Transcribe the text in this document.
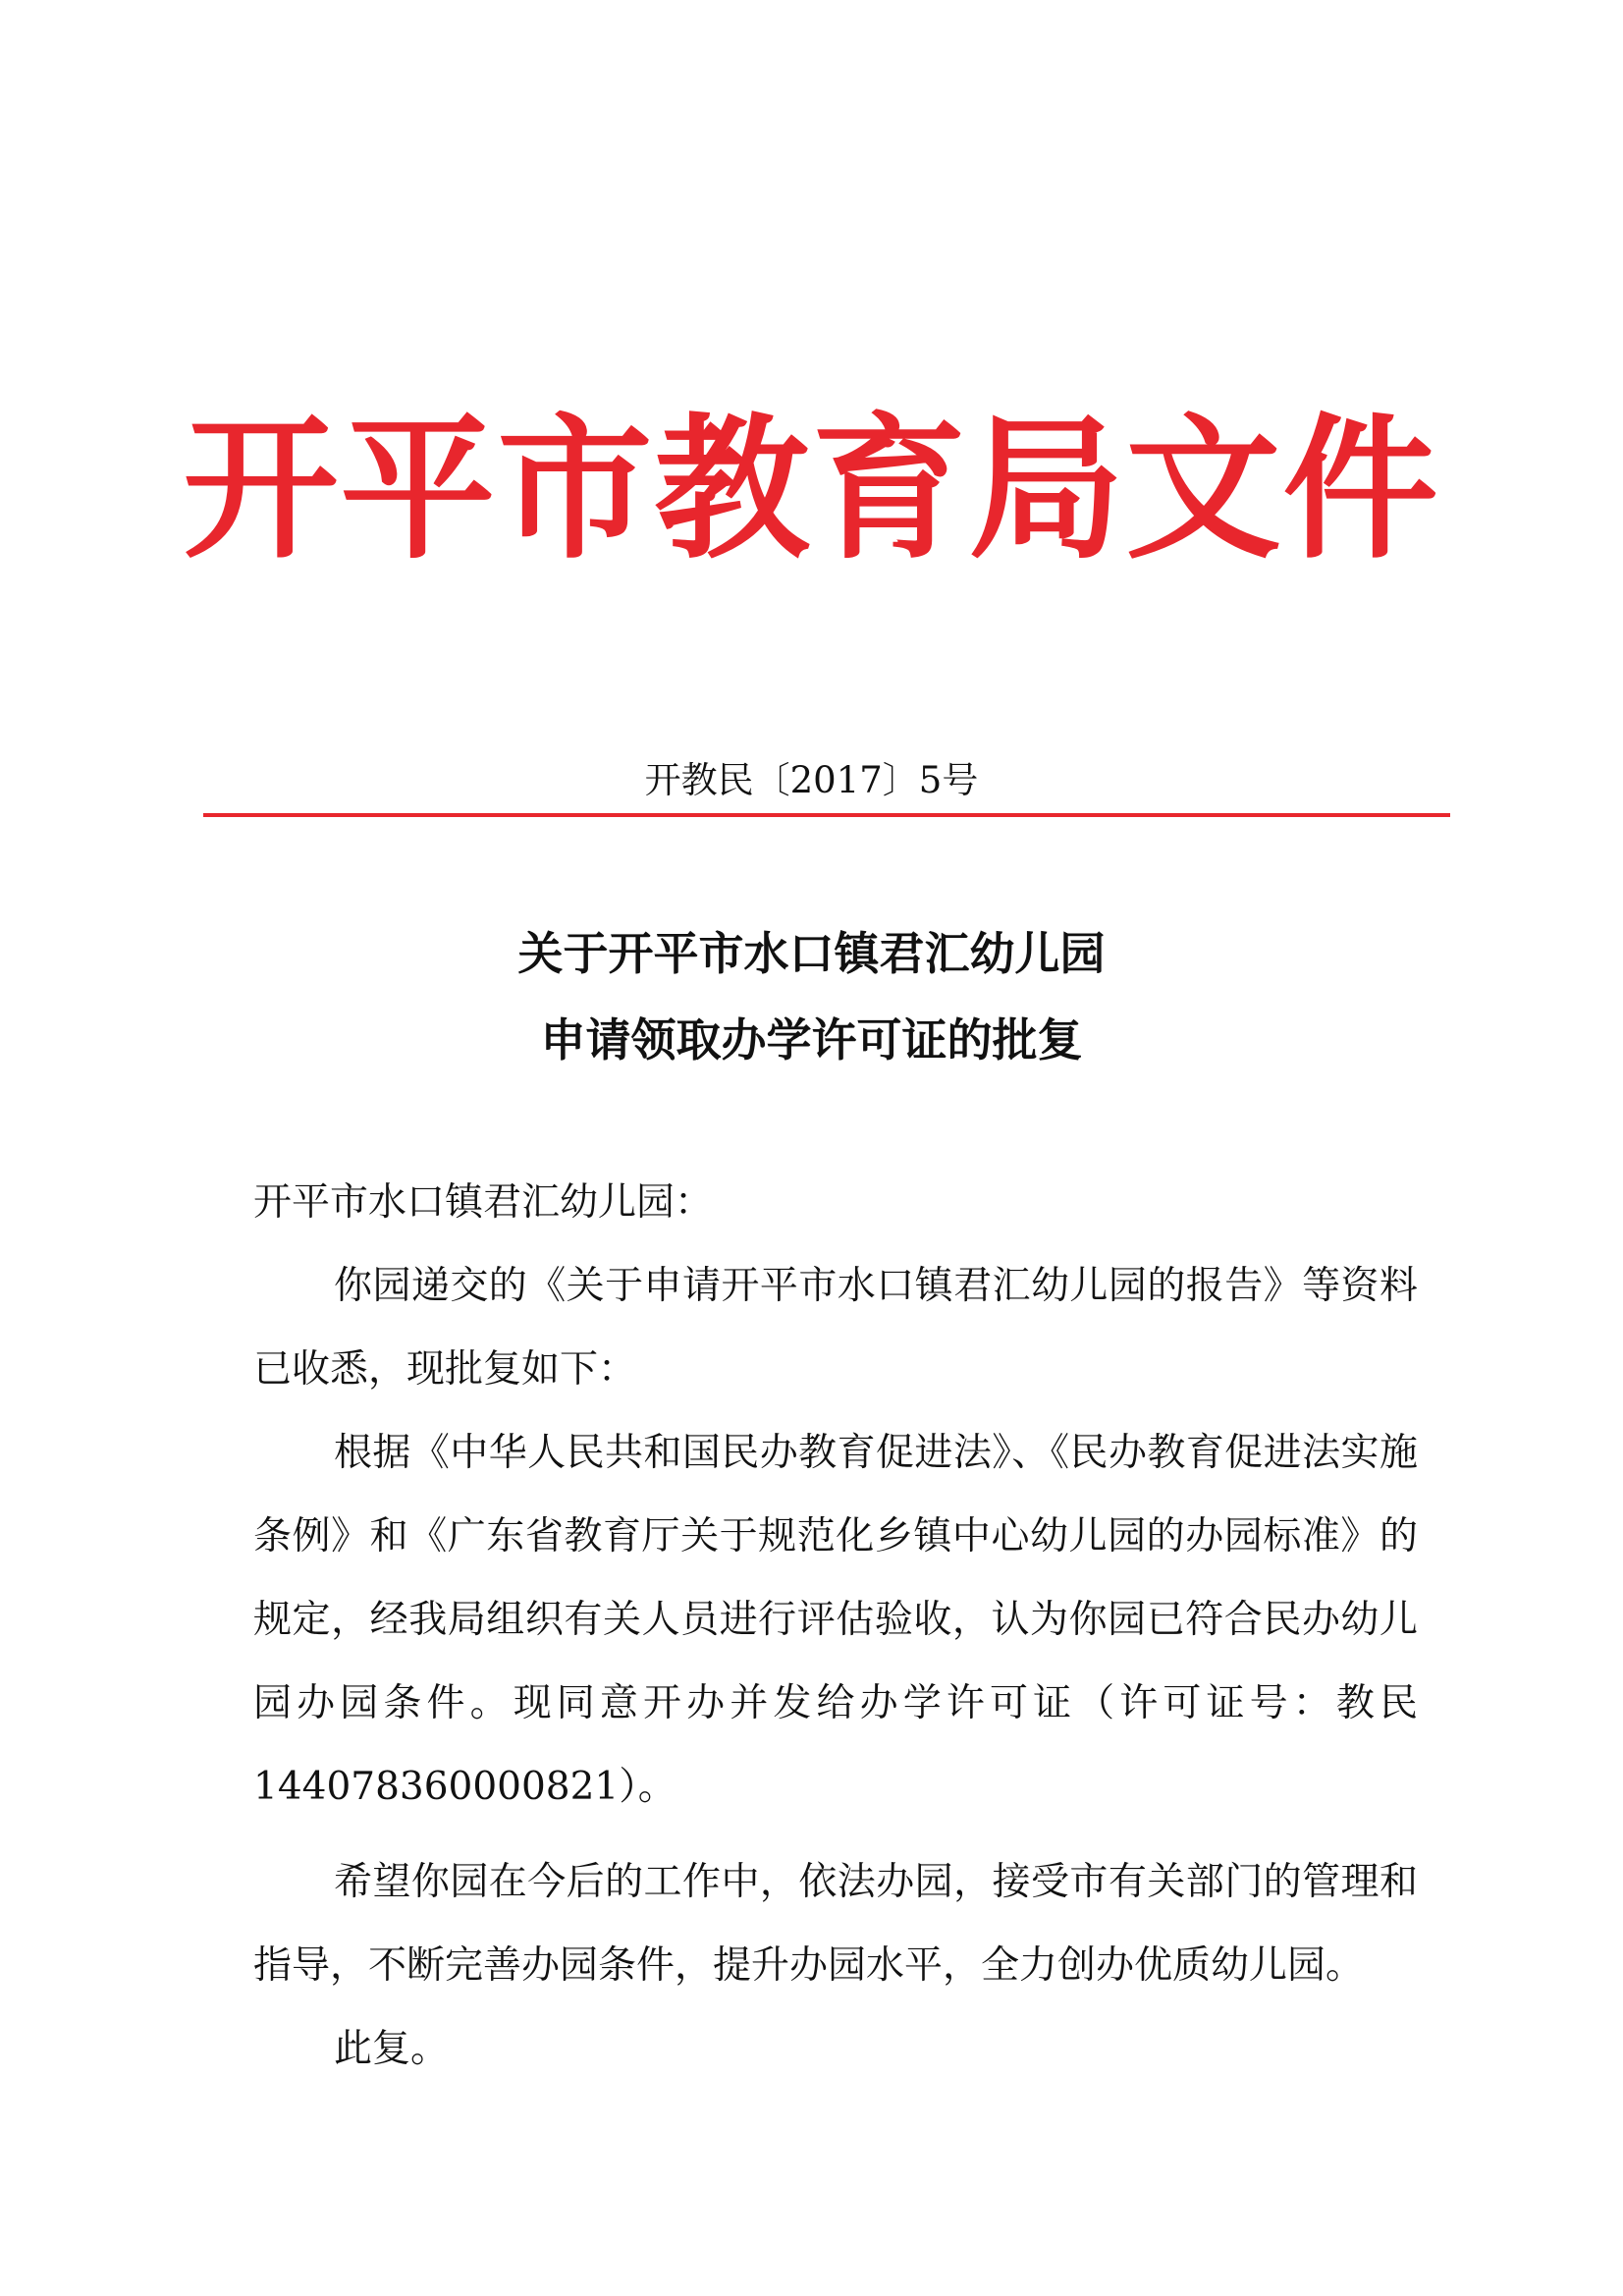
开平市教育局文件
开教民〔2017〕5号
关于开平市水口镇君汇幼儿园
申请领取办学许可证的批复
开平市水口镇君汇幼儿园：
你园递交的《关于申请开平市水口镇君汇幼儿园的报告》等资料
已收悉，现批复如下：
根据《中华人民共和国民办教育促进法》、《民办教育促进法实施
条例》和《广东省教育厅关于规范化乡镇中心幼儿园的办园标准》的
规定，经我局组织有关人员进行评估验收，认为你园已符合民办幼儿
园办园条件。现同意开办并发给办学许可证（许可证号：教民
144078360000821）。
希望你园在今后的工作中，依法办园，接受市有关部门的管理和
指导，不断完善办园条件，提升办园水平，全力创办优质幼儿园。
此复。
